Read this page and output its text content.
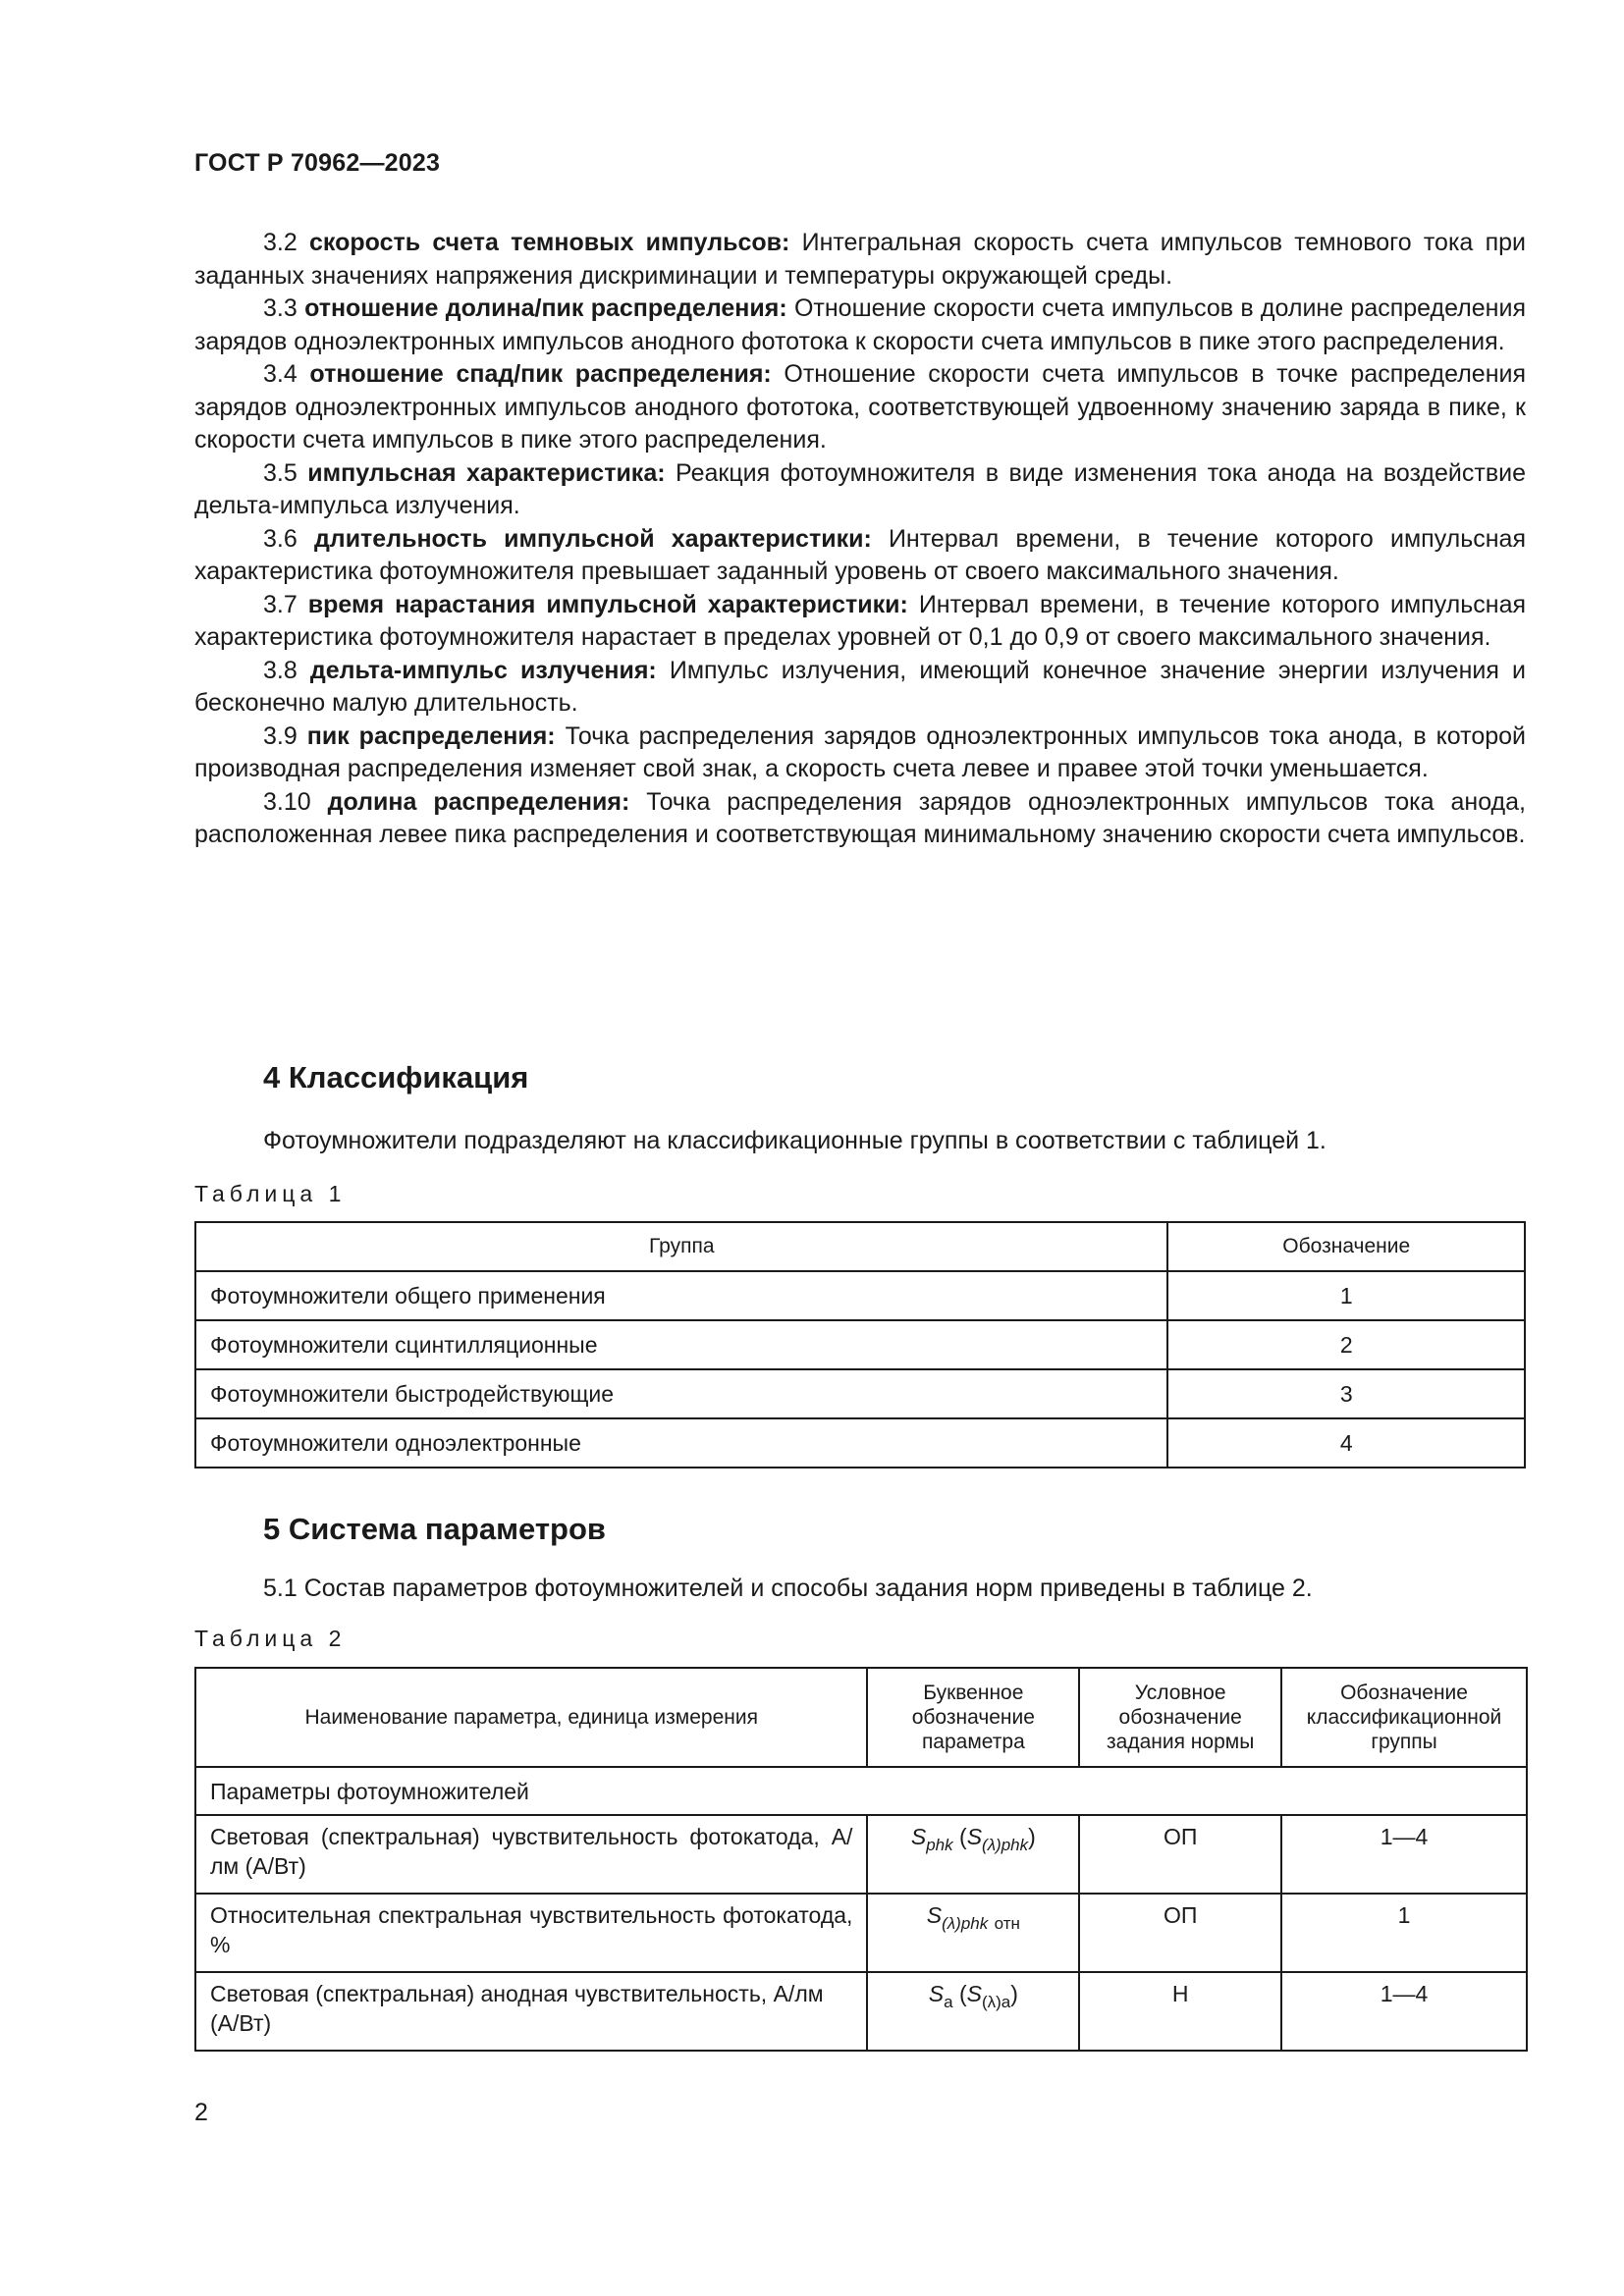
ГОСТ Р 70962—2023

3.2 скорость счета темновых импульсов: Интегральная скорость счета импульсов темнового тока при заданных значениях напряжения дискриминации и температуры окружающей среды.

3.3 отношение долина/пик распределения: Отношение скорости счета импульсов в долине распределения зарядов одноэлектронных импульсов анодного фототока к скорости счета импульсов в пике этого распределения.

3.4 отношение спад/пик распределения: Отношение скорости счета импульсов в точке распределения зарядов одноэлектронных импульсов анодного фототока, соответствующей удвоенному значению заряда в пике, к скорости счета импульсов в пике этого распределения.

3.5 импульсная характеристика: Реакция фотоумножителя в виде изменения тока анода на воздействие дельта-импульса излучения.

3.6 длительность импульсной характеристики: Интервал времени, в течение которого импульсная характеристика фотоумножителя превышает заданный уровень от своего максимального значения.

3.7 время нарастания импульсной характеристики: Интервал времени, в течение которого импульсная характеристика фотоумножителя нарастает в пределах уровней от 0,1 до 0,9 от своего максимального значения.

3.8 дельта-импульс излучения: Импульс излучения, имеющий конечное значение энергии излучения и бесконечно малую длительность.

3.9 пик распределения: Точка распределения зарядов одноэлектронных импульсов тока анода, в которой производная распределения изменяет свой знак, а скорость счета левее и правее этой точки уменьшается.

3.10 долина распределения: Точка распределения зарядов одноэлектронных импульсов тока анода, расположенная левее пика распределения и соответствующая минимальному значению скорости счета импульсов.

4 Классификация
Фотоумножители подразделяют на классификационные группы в соответствии с таблицей 1.
Таблица 1
Группа	Обозначение
Фотоумножители общего применения	1
Фотоумножители сцинтилляционные	2
Фотоумножители быстродействующие	3
Фотоумножители одноэлектронные	4
5 Система параметров
5.1 Состав параметров фотоумножителей и способы задания норм приведены в таблице 2.
Таблица 2
Наименование параметра, единица измерения	Буквенное обозначение параметра	Условное обозначение задания нормы	Обозначение классификационной группы
Параметры фотоумножителей			
Световая (спектральная) чувствительность фотокатода, А/лм (А/Вт)	$S_{phk}$ $(S_{(\lambda)phk})$	ОП	1—4
Относительная спектральная чувствительность фотокатода, %	$S_{(\lambda)phk}$ $_{отн}$	ОП	1
Световая (спектральная) анодная чувствительность, А/лм (А/Вт)	$S_a$ $(S_{(\lambda)a})$	Н	1—4
2
